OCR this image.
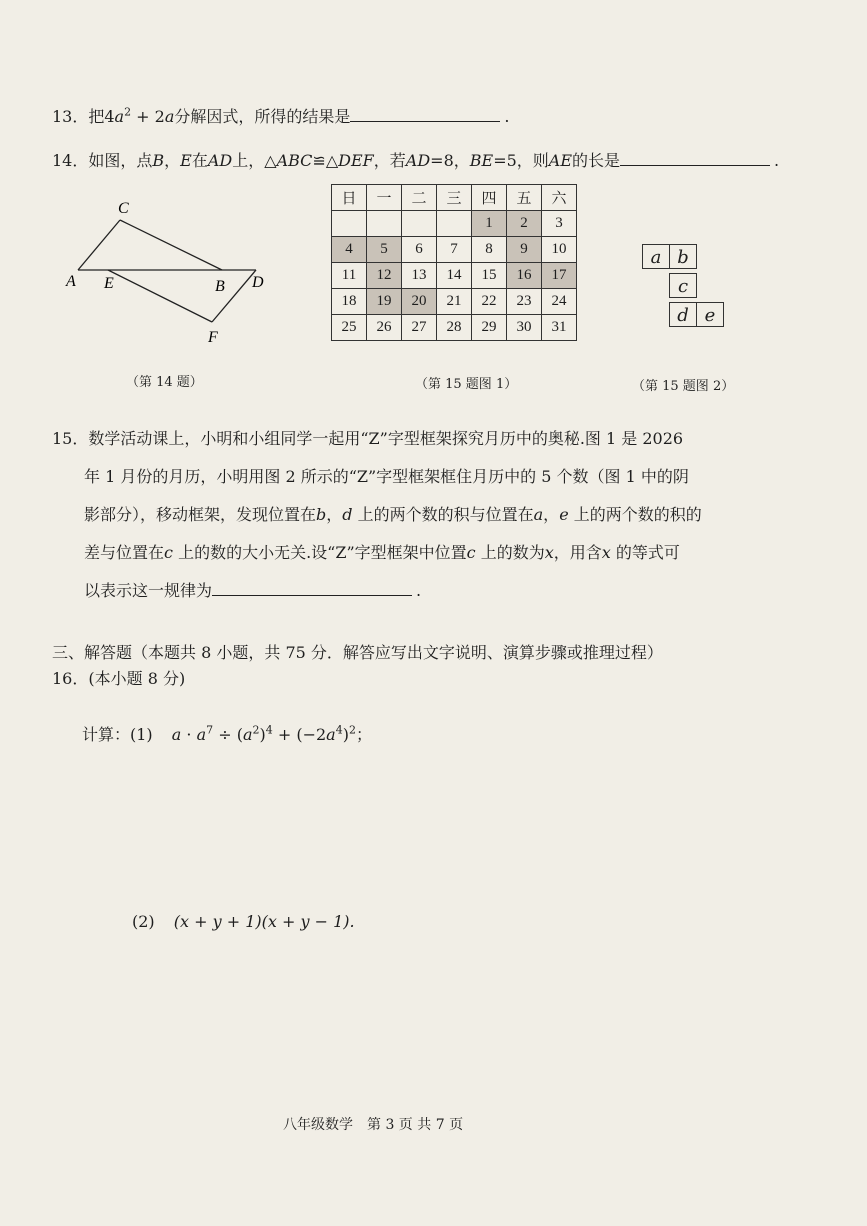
13．把$4a^2 + 2a$分解因式，所得的结果是	.
14．如图，点B，E在AD上，△ABC≌△DEF，若AD=8，BE=5，则AE的长是	.
C
A E	B D
F
（第 14 题）
日	一	二	三	四	五	六
				1	2	3
4	5	6	7	8	9	10
11	12	13	14	15	16	17
18	19	20	21	22	23	24
25	26	27	28	29	30	31
（第 15 题图 1）
a b
c
d e
（第 15 题图 2）
15．数学活动课上，小明和小组同学一起用“Z”字型框架探究月历中的奥秘.图 1 是 2026
年 1 月份的月历，小明用图 2 所示的“Z”字型框架框住月历中的 5 个数（图 1 中的阴
影部分），移动框架，发现位置在b，d 上的两个数的积与位置在a，e 上的两个数的积的
差与位置在c 上的数的大小无关.设“Z”字型框架中位置c 上的数为x，用含x 的等式可
以表示这一规律为	.
三、解答题（本题共 8 小题，共 75 分．解答应写出文字说明、演算步骤或推理过程）
16．(本小题 8 分)
计算：(1) $a \cdot a^7 \div (a^2)^4 + (-2a^4)^2$；
(2) (x + y + 1)(x + y − 1).
八年级数学　第 3 页 共 7 页
